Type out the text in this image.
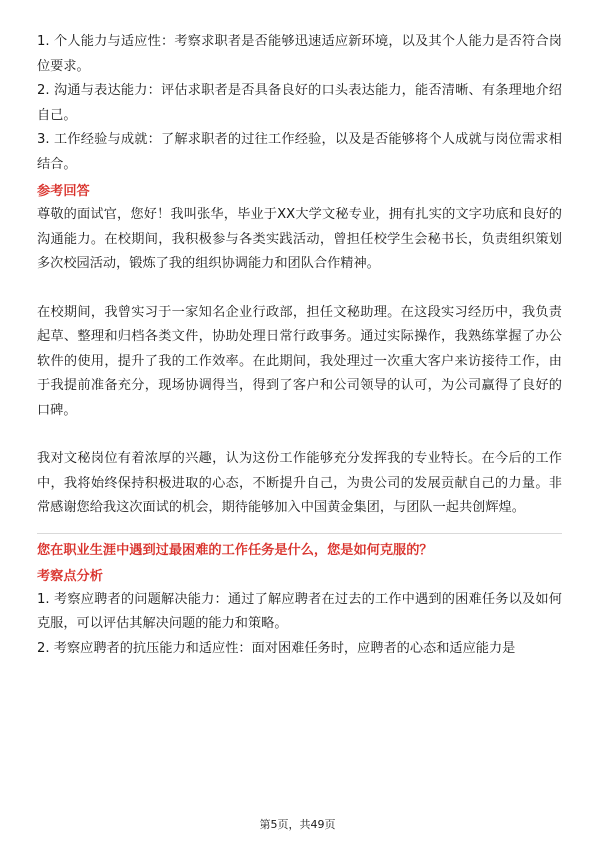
1. 个人能力与适应性：考察求职者是否能够迅速适应新环境，以及其个人能力是否符合岗位要求。

2. 沟通与表达能力：评估求职者是否具备良好的口头表达能力，能否清晰、有条理地介绍自己。

3. 工作经验与成就：了解求职者的过往工作经验，以及是否能够将个人成就与岗位需求相结合。

参考回答

尊敬的面试官，您好！我叫张华，毕业于XX大学文秘专业，拥有扎实的文字功底和良好的沟通能力。在校期间，我积极参与各类实践活动，曾担任校学生会秘书长，负责组织策划多次校园活动，锻炼了我的组织协调能力和团队合作精神。

在校期间，我曾实习于一家知名企业行政部，担任文秘助理。在这段实习经历中，我负责起草、整理和归档各类文件，协助处理日常行政事务。通过实际操作，我熟练掌握了办公软件的使用，提升了我的工作效率。在此期间，我处理过一次重大客户来访接待工作，由于我提前准备充分，现场协调得当，得到了客户和公司领导的认可，为公司赢得了良好的口碑。

我对文秘岗位有着浓厚的兴趣，认为这份工作能够充分发挥我的专业特长。在今后的工作中，我将始终保持积极进取的心态，不断提升自己，为贵公司的发展贡献自己的力量。非常感谢您给我这次面试的机会，期待能够加入中国黄金集团，与团队一起共创辉煌。

您在职业生涯中遇到过最困难的工作任务是什么，您是如何克服的？
考察点分析

1. 考察应聘者的问题解决能力：通过了解应聘者在过去的工作中遇到的困难任务以及如何克服，可以评估其解决问题的能力和策略。

2. 考察应聘者的抗压能力和适应性：面对困难任务时，应聘者的心态和适应能力是

第5页，共49页
